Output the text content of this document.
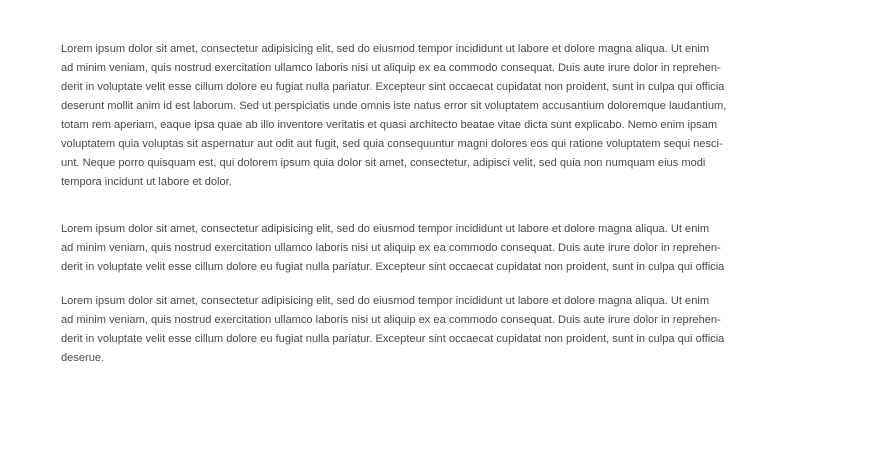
Lorem ipsum dolor sit amet, consectetur adipisicing elit, sed do eiusmod tempor incididunt ut labore et dolore magna aliqua. Ut enim
ad minim veniam, quis nostrud exercitation ullamco laboris nisi ut aliquip ex ea commodo consequat. Duis aute irure dolor in reprehen-
derit in voluptate velit esse cillum dolore eu fugiat nulla pariatur. Excepteur sint occaecat cupidatat non proident, sunt in culpa qui officia
deserunt mollit anim id est laborum. Sed ut perspiciatis unde omnis iste natus error sit voluptatem accusantium doloremque laudantium,
totam rem aperiam, eaque ipsa quae ab illo inventore veritatis et quasi architecto beatae vitae dicta sunt explicabo. Nemo enim ipsam
voluptatem quia voluptas sit aspernatur aut odit aut fugit, sed quia consequuntur magni dolores eos qui ratione voluptatem sequi nesci-
unt. Neque porro quisquam est, qui dolorem ipsum quia dolor sit amet, consectetur, adipisci velit, sed quia non numquam eius modi
tempora incidunt ut labore et dolor.

Lorem ipsum dolor sit amet, consectetur adipisicing elit, sed do eiusmod tempor incididunt ut labore et dolore magna aliqua. Ut enim
ad minim veniam, quis nostrud exercitation ullamco laboris nisi ut aliquip ex ea commodo consequat. Duis aute irure dolor in reprehen-
derit in voluptate velit esse cillum dolore eu fugiat nulla pariatur. Excepteur sint occaecat cupidatat non proident, sunt in culpa qui officia

Lorem ipsum dolor sit amet, consectetur adipisicing elit, sed do eiusmod tempor incididunt ut labore et dolore magna aliqua. Ut enim
ad minim veniam, quis nostrud exercitation ullamco laboris nisi ut aliquip ex ea commodo consequat. Duis aute irure dolor in reprehen-
derit in voluptate velit esse cillum dolore eu fugiat nulla pariatur. Excepteur sint occaecat cupidatat non proident, sunt in culpa qui officia
deserue.
